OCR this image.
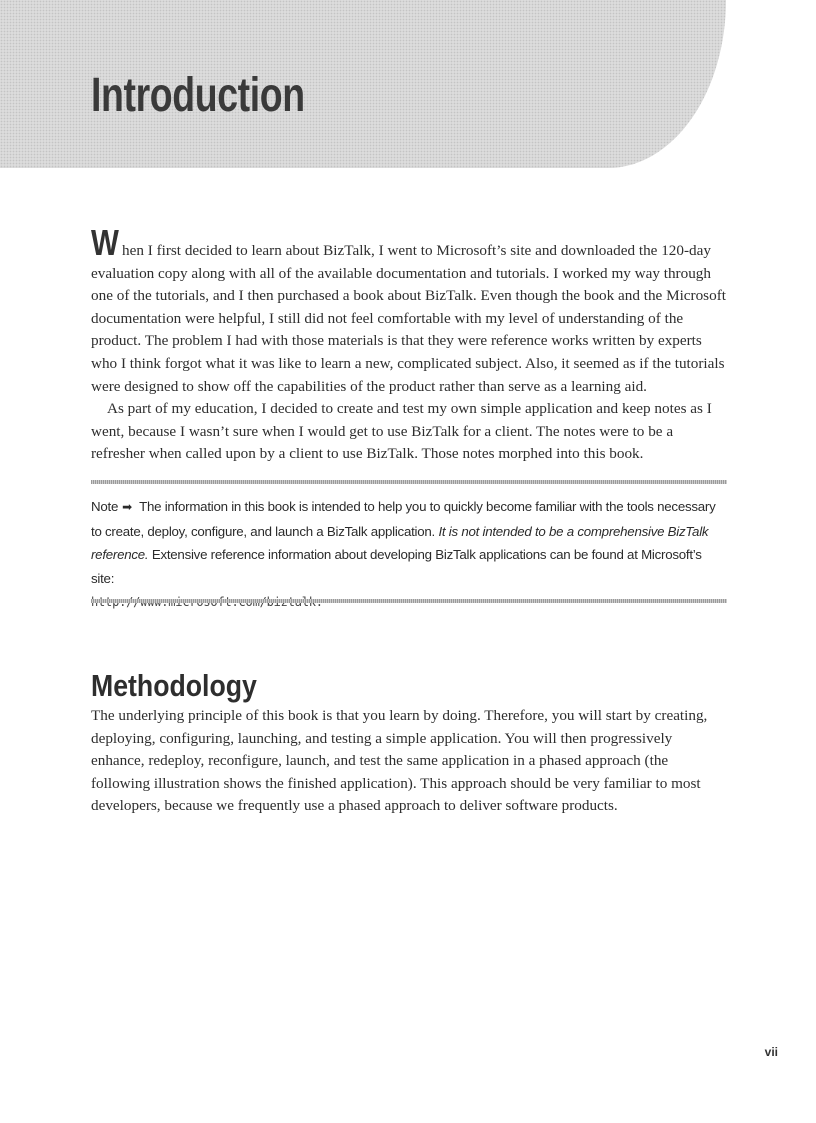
Introduction

When I first decided to learn about BizTalk, I went to Microsoft’s site and downloaded the 120-day evaluation copy along with all of the available documentation and tutorials. I worked my way through one of the tutorials, and I then purchased a book about BizTalk. Even though the book and the Microsoft documentation were helpful, I still did not feel comfortable with my level of understanding of the product. The problem I had with those materials is that they were reference works written by experts who I think forgot what it was like to learn a new, complicated subject. Also, it seemed as if the tutorials were designed to show off the capabilities of the product rather than serve as a learning aid.

As part of my education, I decided to create and test my own simple application and keep notes as I went, because I wasn’t sure when I would get to use BizTalk for a client. The notes were to be a refresher when called upon by a client to use BizTalk. Those notes morphed into this book.

Note ➡ The information in this book is intended to help you to quickly become familiar with the tools necessary to create, deploy, configure, and launch a BizTalk application. It is not intended to be a comprehensive BizTalk reference. Extensive reference information about developing BizTalk applications can be found at Microsoft’s site:

Methodology

The underlying principle of this book is that you learn by doing. Therefore, you will start by creating, deploying, configuring, launching, and testing a simple application. You will then progressively enhance, redeploy, reconfigure, launch, and test the same application in a phased approach (the following illustration shows the finished application). This approach should be very familiar to most developers, because we frequently use a phased approach to deliver software products.

vii
